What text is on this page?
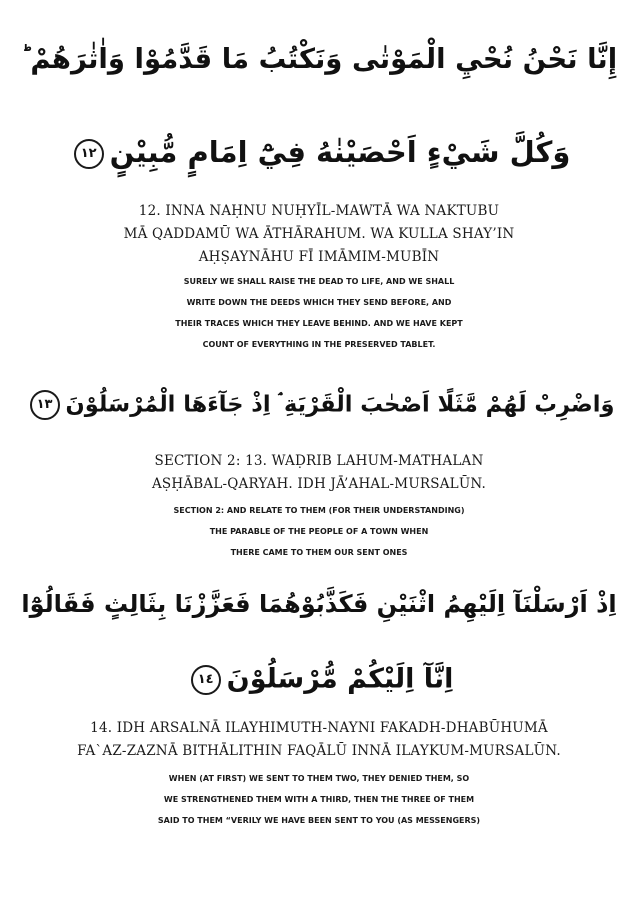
إِنَّا نَحْنُ نُحْيِ الْمَوْتٰى وَنَكْتُبُ مَا قَدَّمُوْا وَاٰثٰرَهُمْ ؕ
وَكُلَّ شَيْءٍ اَحْصَيْنٰهُ فِيْٓ اِمَامٍ مُّبِيْنٍ١٢
12. INNA NAḤNU NUḤYĪL-MAWTĀ WA NAKTUBU
MĀ QADDAMŪ WA ĀTHĀRAHUM. WA KULLA SHAY’IN
AḤṢAYNĀHU FĪ IMĀMIM-MUBĪN
SURELY WE SHALL RAISE THE DEAD TO LIFE, AND WE SHALL
WRITE DOWN THE DEEDS WHICH THEY SEND BEFORE, AND
THEIR TRACES WHICH THEY LEAVE BEHIND. AND WE HAVE KEPT
COUNT OF EVERYTHING IN THE PRESERVED TABLET.
وَاضْرِبْ لَهُمْ مَّثَلًا اَصْحٰبَ الْقَرْيَةِ ۘ اِذْ جَآءَهَا الْمُرْسَلُوْنَ١٣
SECTION 2: 13. WAḌRIB LAHUM-MATHALAN
AṢḤĀBAL-QARYAH. IDH JĀ’AHAL-MURSALŪN.
SECTION 2: AND RELATE TO THEM (FOR THEIR UNDERSTANDING)
THE PARABLE OF THE PEOPLE OF A TOWN WHEN
THERE CAME TO THEM OUR SENT ONES
اِذْ اَرْسَلْنَآ اِلَيْهِمُ اثْنَيْنِ فَكَذَّبُوْهُمَا فَعَزَّزْنَا بِثَالِثٍ فَقَالُوْٓا
اِنَّآ اِلَيْكُمْ مُّرْسَلُوْنَ١٤
14. IDH ARSALNĀ ILAYHIMUTH-NAYNI FAKADH-DHABŪHUMĀ
FA`AZ-ZAZNĀ BITHĀLITHIN FAQĀLŪ INNĀ ILAYKUM-MURSALŪN.
WHEN (AT FIRST) WE SENT TO THEM TWO, THEY DENIED THEM, SO
WE STRENGTHENED THEM WITH A THIRD, THEN THE THREE OF THEM
SAID TO THEM “VERILY WE HAVE BEEN SENT TO YOU (AS MESSENGERS)
